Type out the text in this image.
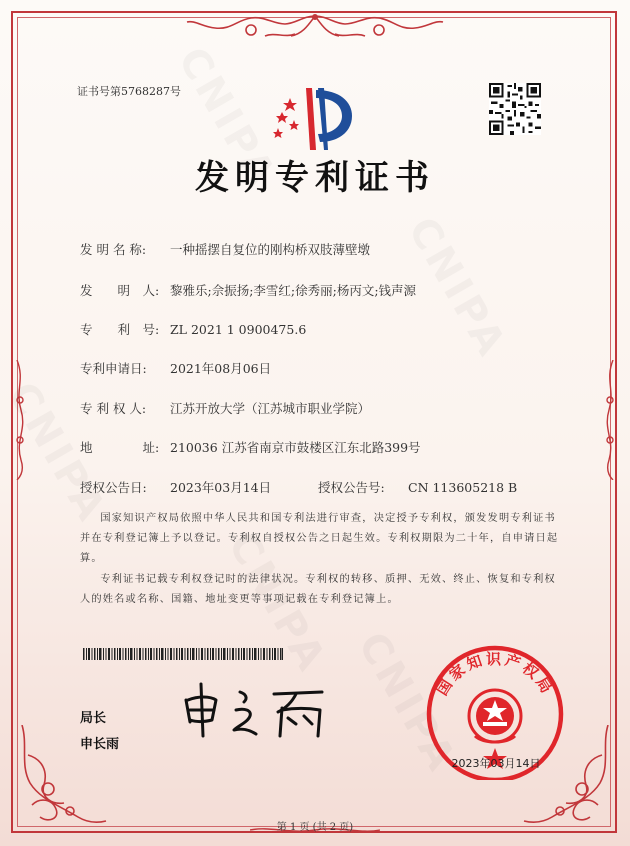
证书号第5768287号
发明专利证书
发 明 名 称: 一种摇摆自复位的刚构桥双肢薄壁墩
发　　明　人: 黎雅乐;佘振扬;李雪红;徐秀丽;杨丙文;钱声源
专　　利　号: ZL 2021 1 0900475.6
专利申请日: 2021年08月06日
专 利 权 人: 江苏开放大学（江苏城市职业学院）
地　　　　址: 210036 江苏省南京市鼓楼区江东北路399号
授权公告日: 2023年03月14日	授权公告号: CN 113605218 B
国家知识产权局依照中华人民共和国专利法进行审查，决定授予专利权，颁发发明专利证书并在专利登记簿上予以登记。专利权自授权公告之日起生效。专利权期限为二十年，自申请日起算。
专利证书记载专利权登记时的法律状况。专利权的转移、质押、无效、终止、恢复和专利权人的姓名或名称、国籍、地址变更等事项记载在专利登记簿上。
局长
申长雨
国家知识产权局
2023年03月14日
第 1 页 (共 2 页)
